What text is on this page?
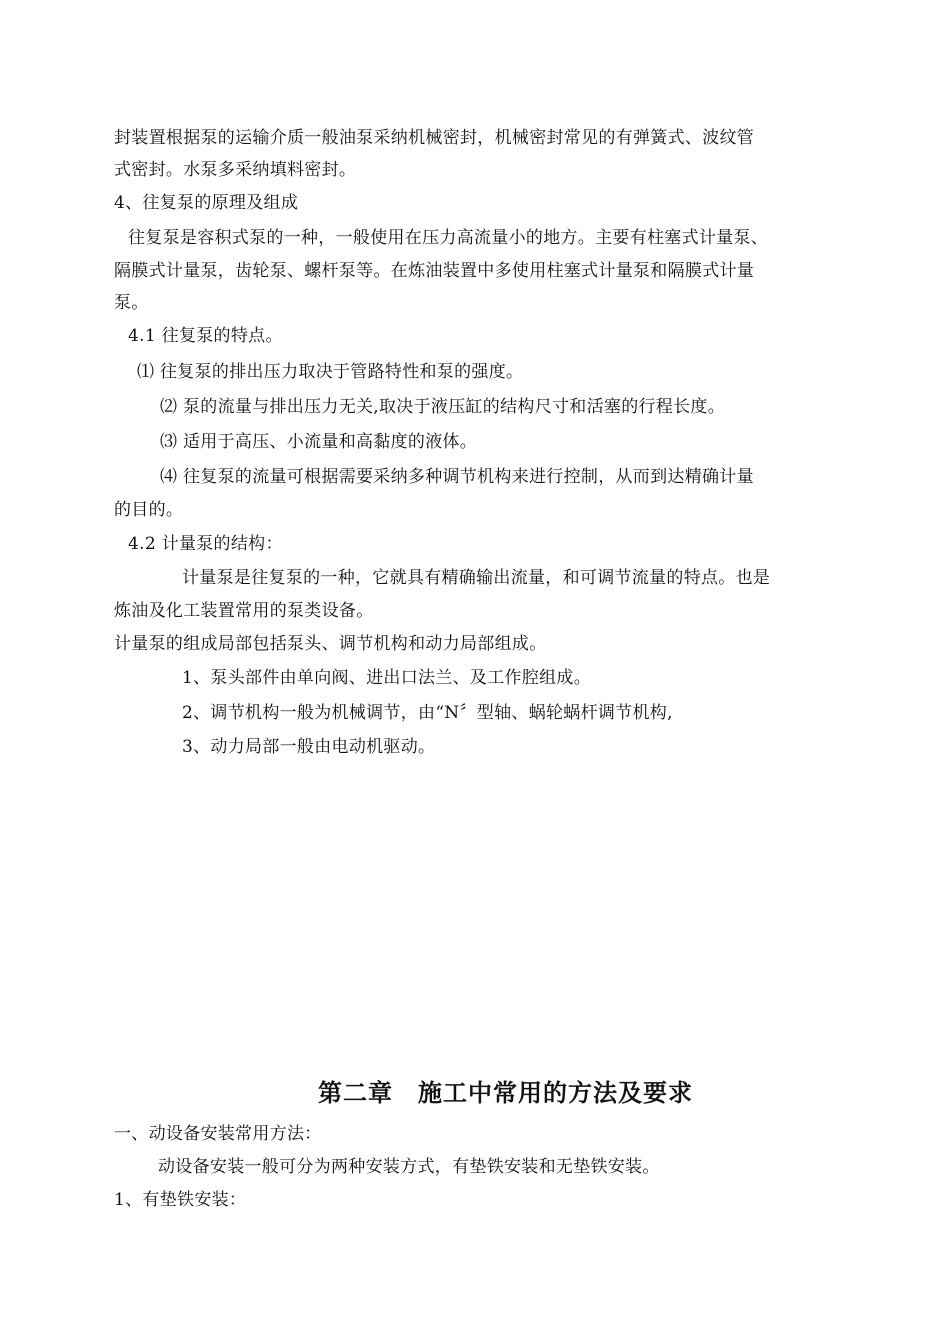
封装置根据泵的运输介质一般油泵采纳机械密封，机械密封常见的有弹簧式、波纹管
式密封。水泵多采纳填料密封。
4、往复泵的原理及组成
往复泵是容积式泵的一种，一般使用在压力高流量小的地方。主要有柱塞式计量泵、
隔膜式计量泵，齿轮泵、螺杆泵等。在炼油装置中多使用柱塞式计量泵和隔膜式计量
泵。
4.1 往复泵的特点。
⑴ 往复泵的排出压力取决于管路特性和泵的强度。
⑵ 泵的流量与排出压力无关,取决于液压缸的结构尺寸和活塞的行程长度。
⑶ 适用于高压、小流量和高黏度的液体。
⑷ 往复泵的流量可根据需要采纳多种调节机构来进行控制，从而到达精确计量
的目的。
4.2 计量泵的结构：
计量泵是往复泵的一种，它就具有精确输出流量，和可调节流量的特点。也是
炼油及化工装置常用的泵类设备。
计量泵的组成局部包括泵头、调节机构和动力局部组成。
1、泵头部件由单向阀、进出口法兰、及工作腔组成。
2、调节机构一般为机械调节，由“N〞型轴、蜗轮蜗杆调节机构,
3、动力局部一般由电动机驱动。
第二章　施工中常用的方法及要求
一、动设备安装常用方法：
动设备安装一般可分为两种安装方式，有垫铁安装和无垫铁安装。
1、有垫铁安装：
